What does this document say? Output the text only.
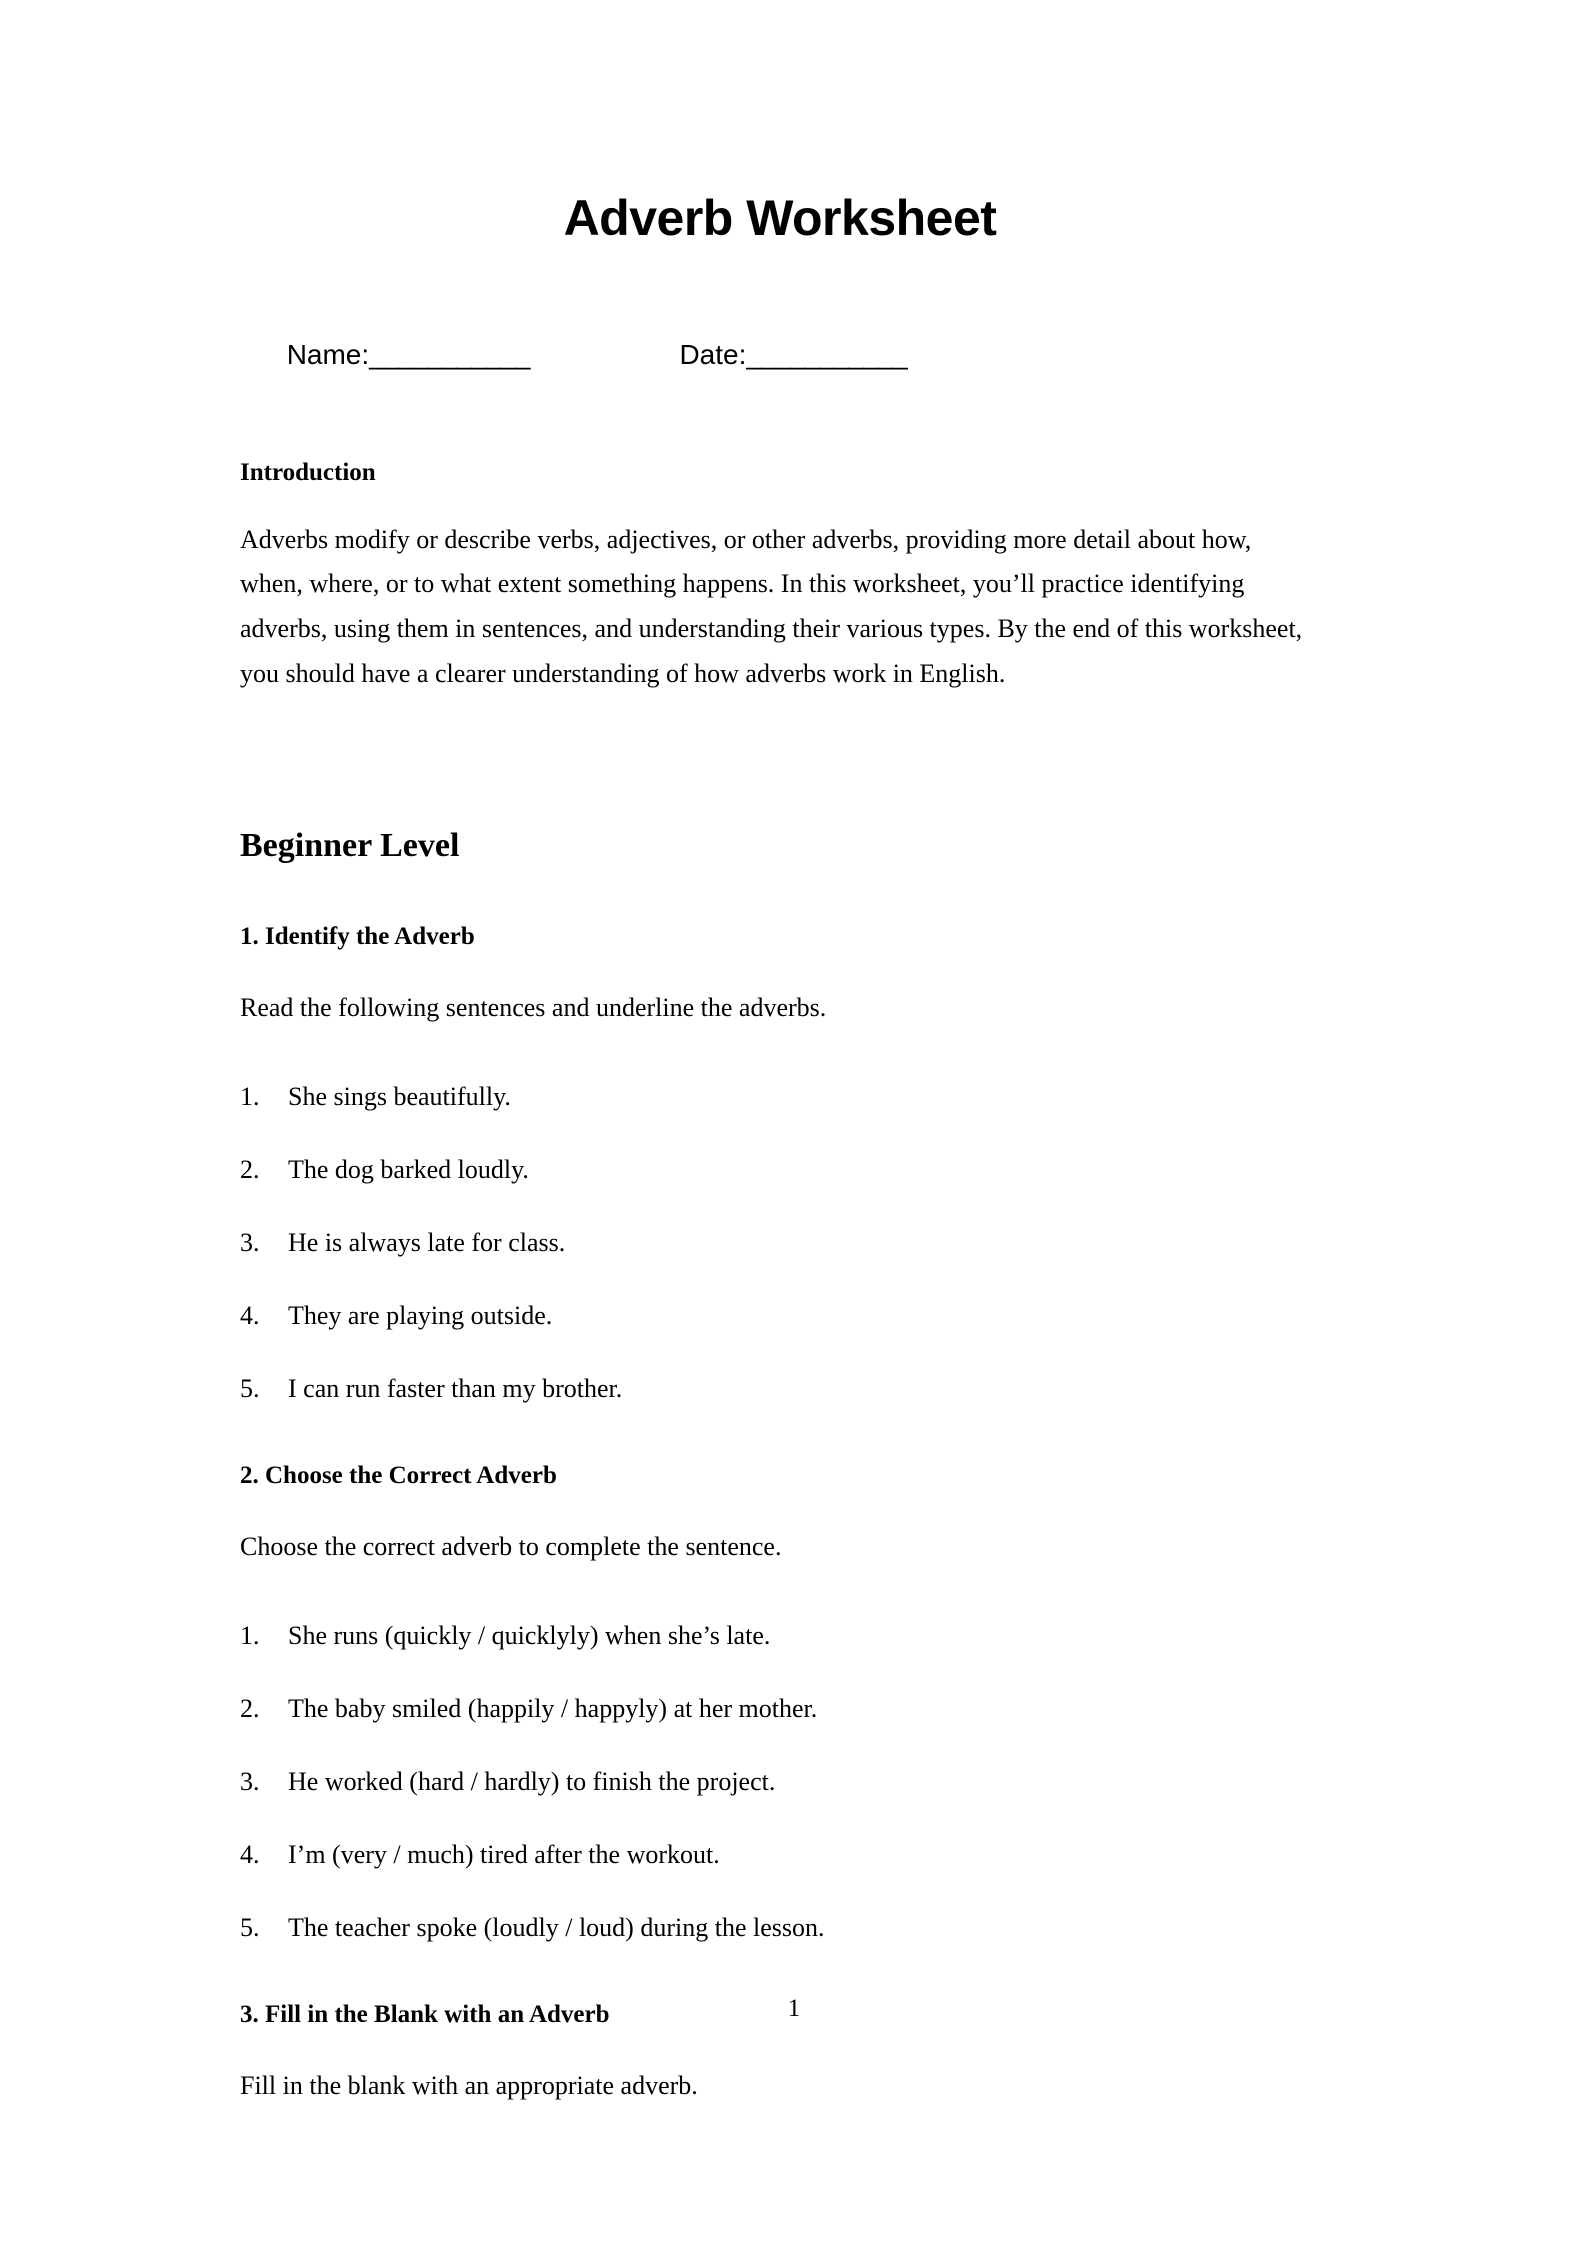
Adverb Worksheet

Name:___________	Date:___________

Introduction

Adverbs modify or describe verbs, adjectives, or other adverbs, providing more detail about how, when, where, or to what extent something happens. In this worksheet, you’ll practice identifying adverbs, using them in sentences, and understanding their various types. By the end of this worksheet, you should have a clearer understanding of how adverbs work in English.

Beginner Level
1. Identify the Adverb

Read the following sentences and underline the adverbs.

1.	She sings beautifully.
2.	The dog barked loudly.
3.	He is always late for class.
4.	They are playing outside.
5.	I can run faster than my brother.
2. Choose the Correct Adverb

Choose the correct adverb to complete the sentence.

1.	She runs (quickly / quicklyly) when she’s late.
2.	The baby smiled (happily / happyly) at her mother.
3.	He worked (hard / hardly) to finish the project.
4.	I’m (very / much) tired after the workout.
5.	The teacher spoke (loudly / loud) during the lesson.
3. Fill in the Blank with an Adverb

Fill in the blank with an appropriate adverb.

1
